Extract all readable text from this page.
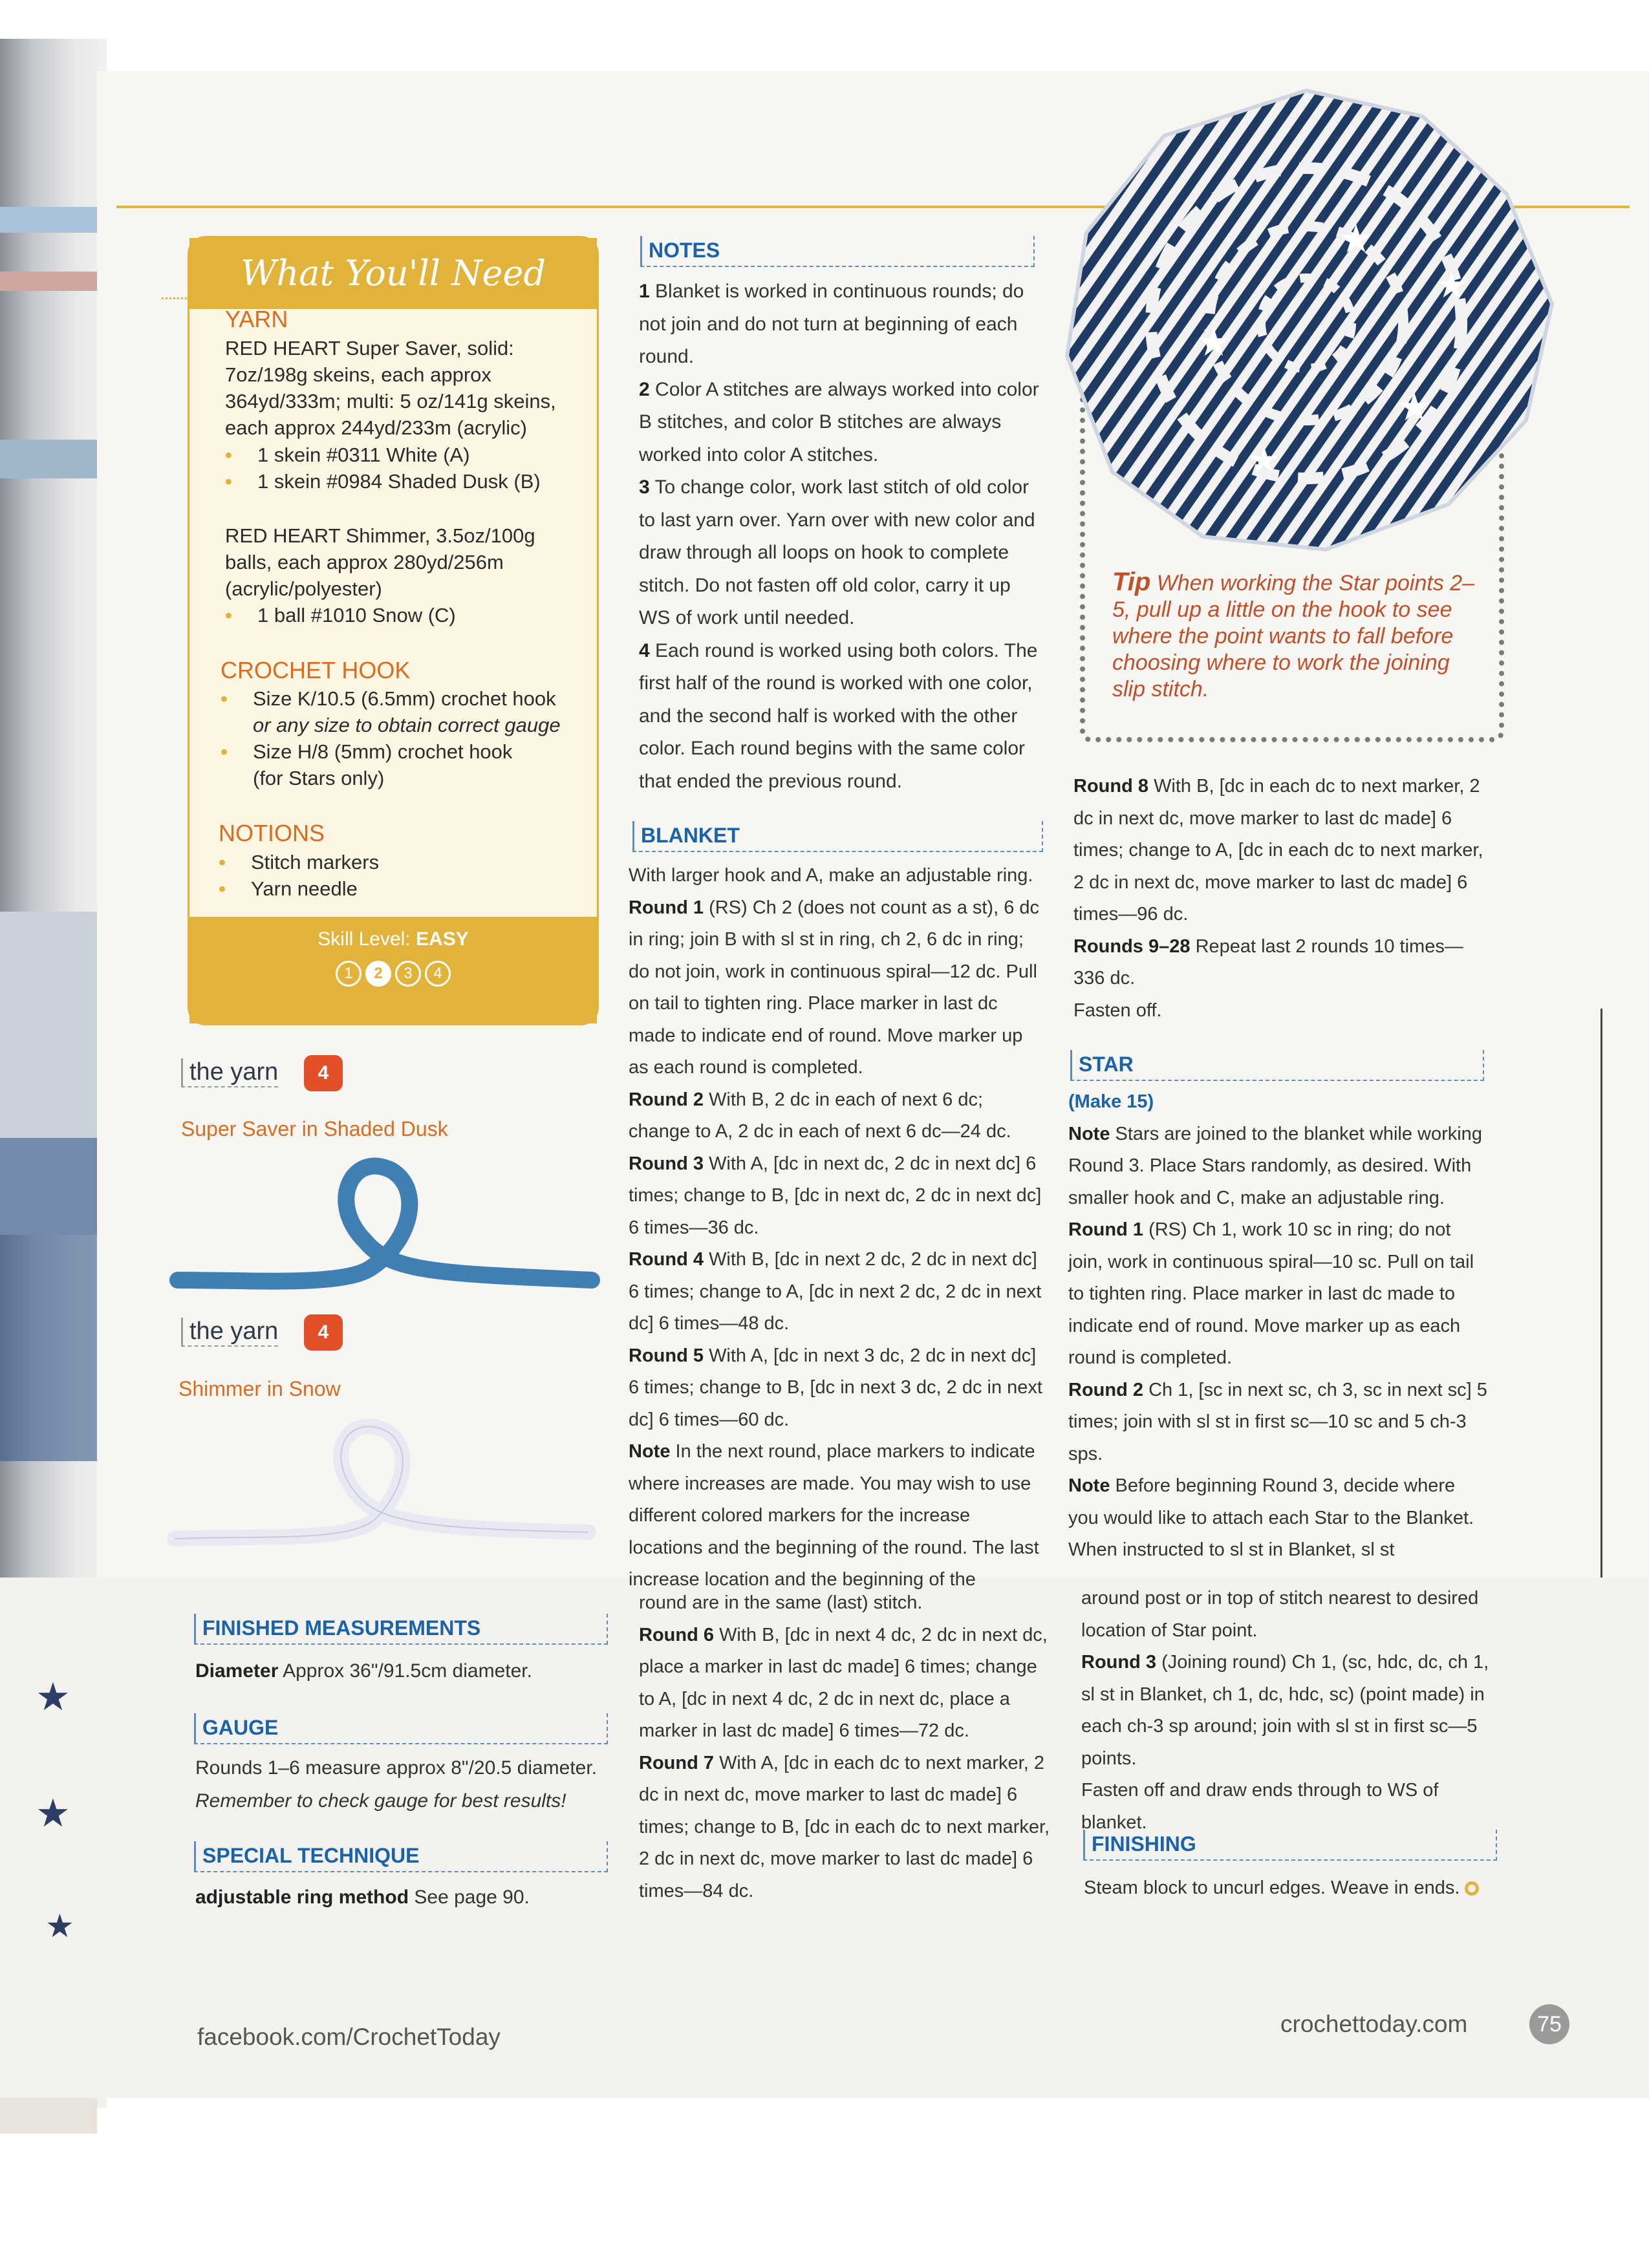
★
★
★
What You'll Need
YARN
RED HEART Super Saver, solid: 7oz/198g skeins, each approx 364yd/333m; multi: 5 oz/141g skeins, each approx 244yd/233m (acrylic)
• 1 skein #0311 White (A)
• 1 skein #0984 Shaded Dusk (B)
RED HEART Shimmer, 3.5oz/100g balls, each approx 280yd/256m (acrylic/polyester)
• 1 ball #1010 Snow (C)
CROCHET HOOK
• Size K/10.5 (6.5mm) crochet hook
or any size to obtain correct gauge
• Size H/8 (5mm) crochet hook
(for Stars only)
NOTIONS
• Stitch markers
• Yarn needle
Skill Level: EASY
1	2	3	4
the yarn	4
Super Saver in Shaded Dusk
the yarn	4
Shimmer in Snow
FINISHED MEASUREMENTS
Diameter Approx 36"/91.5cm diameter.
GAUGE

Rounds 1–6 measure approx 8"/20.5 diameter.

Remember to check gauge for best results!

SPECIAL TECHNIQUE
adjustable ring method See page 90.
NOTES

1 Blanket is worked in continuous rounds; do not join and do not turn at beginning of each round.

2 Color A stitches are always worked into color B stitches, and color B stitches are always worked into color A stitches.

3 To change color, work last stitch of old color to last yarn over. Yarn over with new color and draw through all loops on hook to complete stitch. Do not fasten off old color, carry it up WS of work until needed.

4 Each round is worked using both colors. The first half of the round is worked with one color, and the second half is worked with the other color. Each round begins with the same color that ended the previous round.

BLANKET

With larger hook and A, make an adjustable ring.

Round 1 (RS) Ch 2 (does not count as a st), 6 dc in ring; join B with sl st in ring, ch 2, 6 dc in ring; do not join, work in continuous spiral—12 dc. Pull on tail to tighten ring. Place marker in last dc made to indicate end of round. Move marker up as each round is completed.

Round 2 With B, 2 dc in each of next 6 dc; change to A, 2 dc in each of next 6 dc—24 dc.

Round 3 With A, [dc in next dc, 2 dc in next dc] 6 times; change to B, [dc in next dc, 2 dc in next dc] 6 times—36 dc.

Round 4 With B, [dc in next 2 dc, 2 dc in next dc] 6 times; change to A, [dc in next 2 dc, 2 dc in next dc] 6 times—48 dc.

Round 5 With A, [dc in next 3 dc, 2 dc in next dc] 6 times; change to B, [dc in next 3 dc, 2 dc in next dc] 6 times—60 dc.

Note In the next round, place markers to indicate where increases are made. You may wish to use different colored markers for the increase locations and the beginning of the round. The last increase location and the beginning of the

round are in the same (last) stitch.

Round 6 With B, [dc in next 4 dc, 2 dc in next dc, place a marker in last dc made] 6 times; change to A, [dc in next 4 dc, 2 dc in next dc, place a marker in last dc made] 6 times—72 dc.

Round 7 With A, [dc in each dc to next marker, 2 dc in next dc, move marker to last dc made] 6 times; change to B, [dc in each dc to next marker, 2 dc in next dc, move marker to last dc made] 6 times—84 dc.

★
★
★
★
★
Tip When working the Star points 2–5, pull up a little on the hook to see where the point wants to fall before choosing where to work the joining slip stitch.

Round 8 With B, [dc in each dc to next marker, 2 dc in next dc, move marker to last dc made] 6 times; change to A, [dc in each dc to next marker, 2 dc in next dc, move marker to last dc made] 6 times—96 dc.

Rounds 9–28 Repeat last 2 rounds 10 times—336 dc.

Fasten off.

STAR

(Make 15)

Note Stars are joined to the blanket while working Round 3. Place Stars randomly, as desired. With smaller hook and C, make an adjustable ring.

Round 1 (RS) Ch 1, work 10 sc in ring; do not join, work in continuous spiral—10 sc. Pull on tail to tighten ring. Place marker in last dc made to indicate end of round. Move marker up as each round is completed.

Round 2 Ch 1, [sc in next sc, ch 3, sc in next sc] 5 times; join with sl st in first sc—10 sc and 5 ch-3 sps.

Note Before beginning Round 3, decide where you would like to attach each Star to the Blanket. When instructed to sl st in Blanket, sl st

around post or in top of stitch nearest to desired location of Star point.

Round 3 (Joining round) Ch 1, (sc, hdc, dc, ch 1, sl st in Blanket, ch 1, dc, hdc, sc) (point made) in each ch-3 sp around; join with sl st in first sc—5 points.

Fasten off and draw ends through to WS of blanket.

FINISHING
Steam block to uncurl edges. Weave in ends.
facebook.com/CrochetToday	crochettoday.com	75
